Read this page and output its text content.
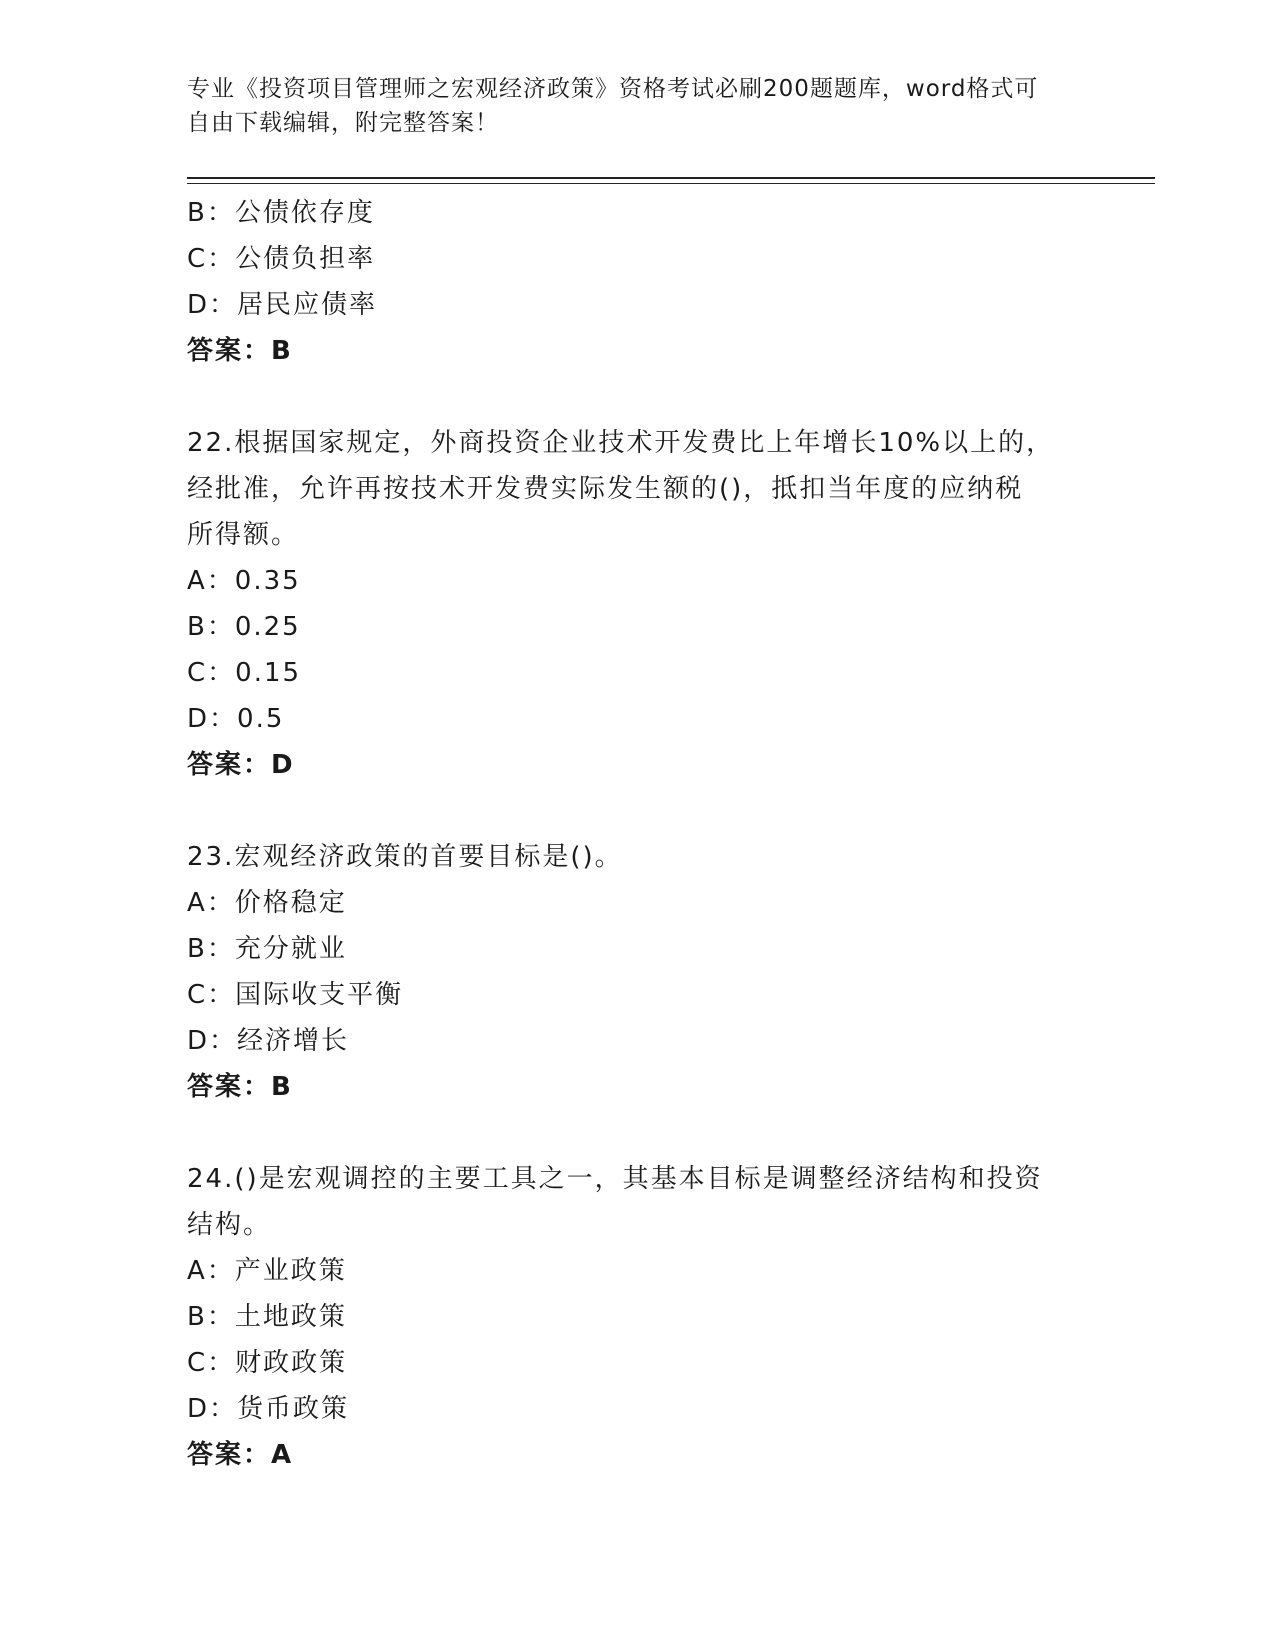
专业《投资项目管理师之宏观经济政策》资格考试必刷200题题库，word格式可
自由下载编辑，附完整答案！
B：公债依存度
C：公债负担率
D：居民应债率
答案：B
22.根据国家规定，外商投资企业技术开发费比上年增长10%以上的，
经批准，允许再按技术开发费实际发生额的()，抵扣当年度的应纳税
所得额。
A：0.35
B：0.25
C：0.15
D：0.5
答案：D
23.宏观经济政策的首要目标是()。
A：价格稳定
B：充分就业
C：国际收支平衡
D：经济增长
答案：B
24.()是宏观调控的主要工具之一，其基本目标是调整经济结构和投资
结构。
A：产业政策
B：土地政策
C：财政政策
D：货币政策
答案：A
